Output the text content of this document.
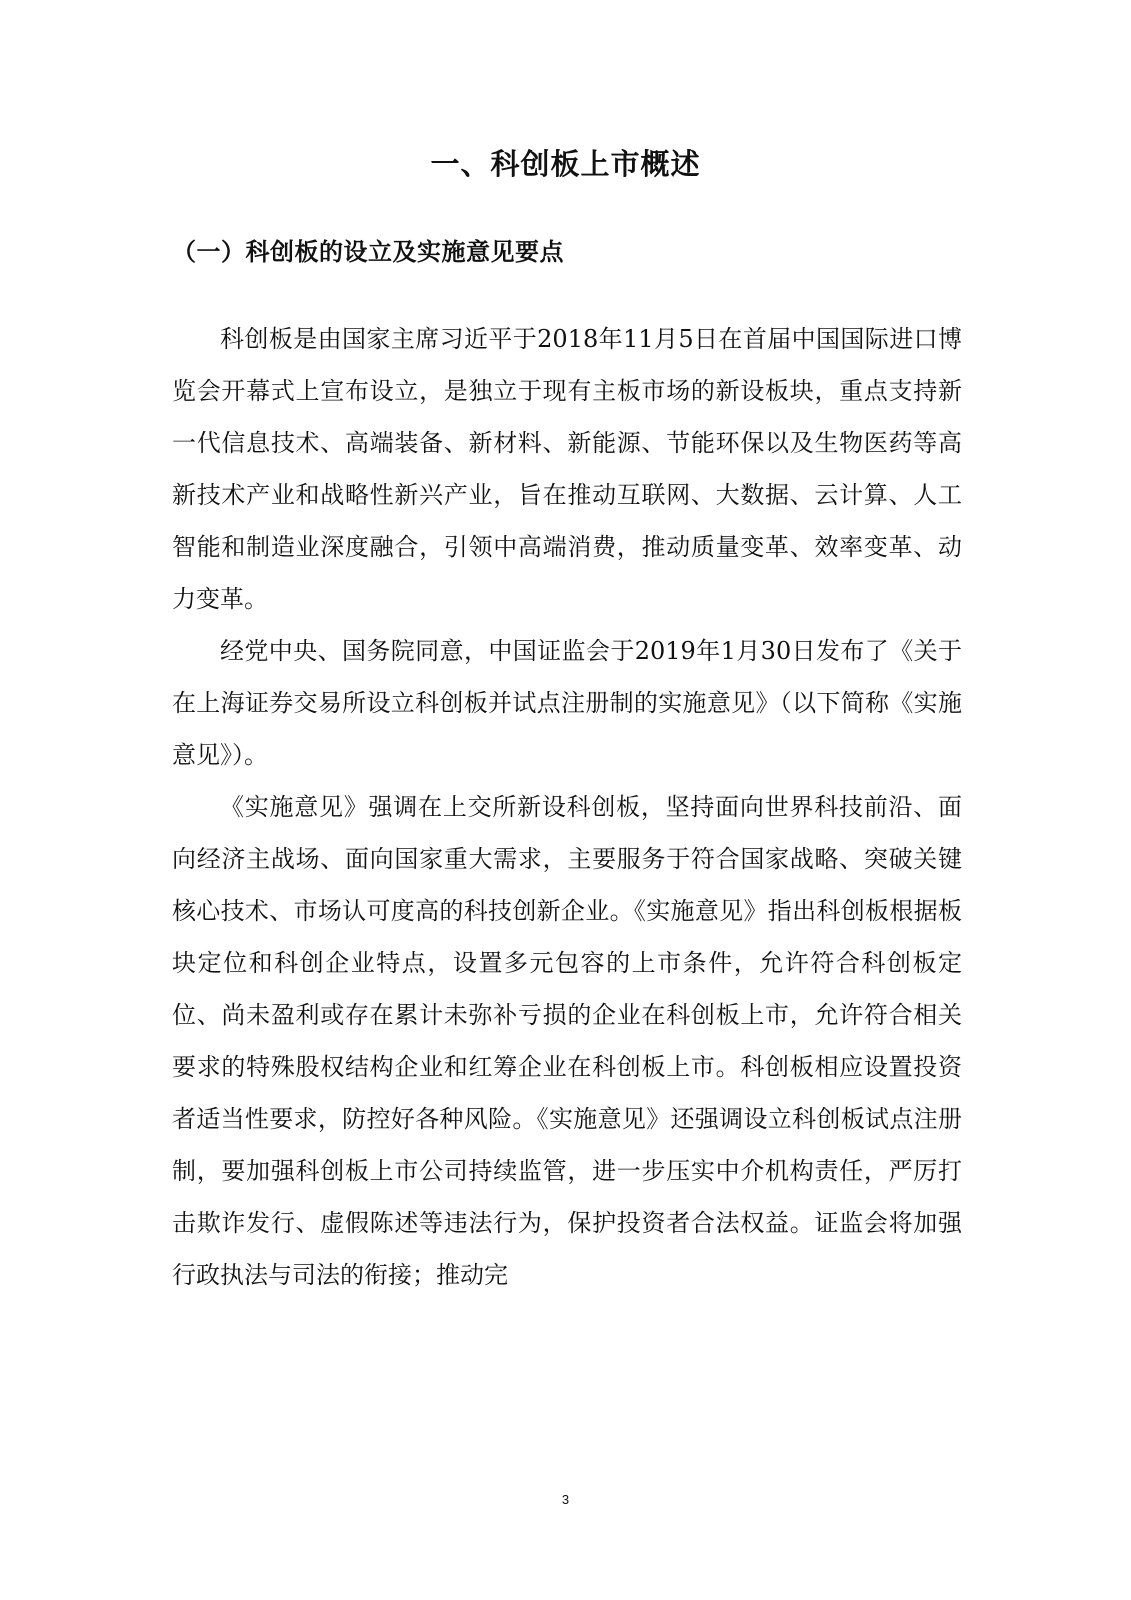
一、科创板上市概述
（一）科创板的设立及实施意见要点

科创板是由国家主席习近平于2018年11月5日在首届中国国际进口博览会开幕式上宣布设立，是独立于现有主板市场的新设板块，重点支持新一代信息技术、高端装备、新材料、新能源、节能环保以及生物医药等高新技术产业和战略性新兴产业，旨在推动互联网、大数据、云计算、人工智能和制造业深度融合，引领中高端消费，推动质量变革、效率变革、动力变革。

经党中央、国务院同意，中国证监会于2019年1月30日发布了《关于在上海证券交易所设立科创板并试点注册制的实施意见》（以下简称《实施意见》）。

《实施意见》强调在上交所新设科创板，坚持面向世界科技前沿、面向经济主战场、面向国家重大需求，主要服务于符合国家战略、突破关键核心技术、市场认可度高的科技创新企业。《实施意见》指出科创板根据板块定位和科创企业特点，设置多元包容的上市条件，允许符合科创板定位、尚未盈利或存在累计未弥补亏损的企业在科创板上市，允许符合相关要求的特殊股权结构企业和红筹企业在科创板上市。科创板相应设置投资者适当性要求，防控好各种风险。《实施意见》还强调设立科创板试点注册制，要加强科创板上市公司持续监管，进一步压实中介机构责任，严厉打击欺诈发行、虚假陈述等违法行为，保护投资者合法权益。证监会将加强行政执法与司法的衔接；推动完

3
